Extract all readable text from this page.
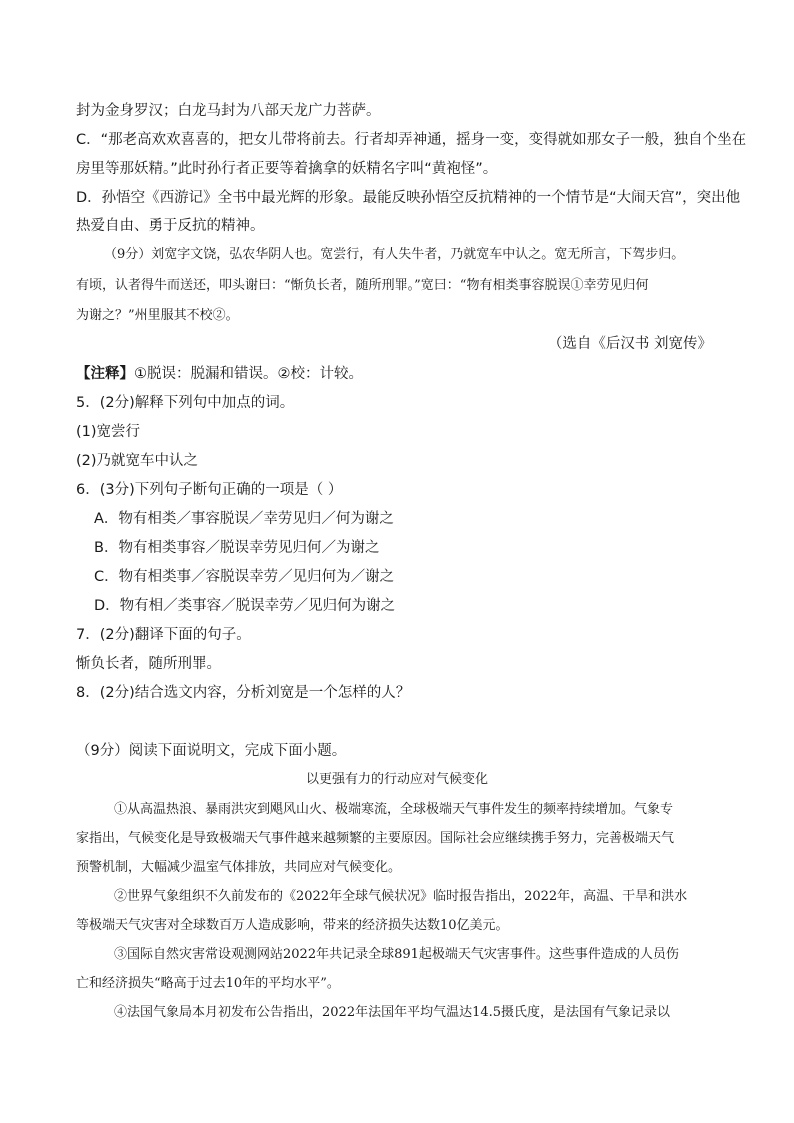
封为金身罗汉；白龙马封为八部天龙广力菩萨。
C．“那老高欢欢喜喜的，把女儿带将前去。行者却弄神通，摇身一变，变得就如那女子一般，独自个坐在
房里等那妖精。”此时孙行者正要等着擒拿的妖精名字叫“黄袍怪”。
D．孙悟空《西游记》全书中最光辉的形象。最能反映孙悟空反抗精神的一个情节是“大闹天宫”，突出他
热爱自由、勇于反抗的精神。
（9分）刘宽字文饶，弘农华阴人也。宽尝行，有人失牛者，乃就宽车中认之。宽无所言，下驾步归。
有顷，认者得牛而送还，叩头谢曰：“惭负长者，随所刑罪。”宽曰：“物有相类事容脱误①幸劳见归何
为谢之？”州里服其不校②。
（选自《后汉书 刘宽传》
【注释】①脱误：脱漏和错误。②校：计较。
5．(2分)解释下列句中加点的词。
(1)宽尝行
(2)乃就宽车中认之
6．(3分)下列句子断句正确的一项是（ ）
A．物有相类／事容脱误／幸劳见归／何为谢之
B．物有相类事容／脱误幸劳见归何／为谢之
C．物有相类事／容脱误幸劳／见归何为／谢之
D．物有相／类事容／脱误幸劳／见归何为谢之
7．(2分)翻译下面的句子。
惭负长者，随所刑罪。
8．(2分)结合选文内容，分析刘宽是一个怎样的人？
（9分）阅读下面说明文，完成下面小题。
以更强有力的行动应对气候变化
①从高温热浪、暴雨洪灾到飓风山火、极端寒流，全球极端天气事件发生的频率持续增加。气象专
家指出，气候变化是导致极端天气事件越来越频繁的主要原因。国际社会应继续携手努力，完善极端天气
预警机制，大幅减少温室气体排放，共同应对气候变化。
②世界气象组织不久前发布的《2022年全球气候状况》临时报告指出，2022年，高温、干旱和洪水
等极端天气灾害对全球数百万人造成影响，带来的经济损失达数10亿美元。
③国际自然灾害常设观测网站2022年共记录全球891起极端天气灾害事件。这些事件造成的人员伤
亡和经济损失“略高于过去10年的平均水平”。
④法国气象局本月初发布公告指出，2022年法国年平均气温达14.5摄氏度，是法国有气象记录以
